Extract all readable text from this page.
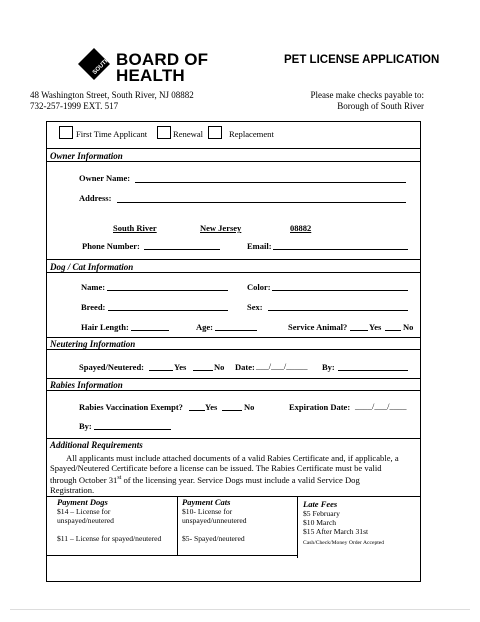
SOUTH RIVER
BOARD OF
HEALTH
PET LICENSE APPLICATION
48 Washington Street, South River, NJ 08882
732-257-1999 EXT. 517
Please make checks payable to:
Borough of South River
First Time Applicant	Renewal	Replacement
Owner Information
Owner Name:
Address:
South River	New Jersey	08882
Phone Number:	Email:
Dog / Cat Information
Name:	Color:
Breed:	Sex:
Hair Length:	Age:	Service Animal?	Yes	No
Neutering Information
Spayed/Neutered:	Yes	No Date: ___/___/_____ By:
Rabies Information
Rabies Vaccination Exempt?	Yes	No	Expiration Date: ____/___/____
By:
Additional Requirements
All applicants must include attached documents of a valid Rabies Certificate and, if applicable, a
Spayed/Neutered Certificate before a license can be issued. The Rabies Certificate must be valid
through October 31st of the licensing year. Service Dogs must include a valid Service Dog
Registration.
Payment Dogs
$14 – License for
unspayed/neutered
$11 – License for spayed/neutered
Payment Cats
$10- License for
unspayed/unneutered
$5- Spayed/neutered
Late Fees
$5 February
$10 March
$15 After March 31st
Cash/Check/Money Order Accepted
